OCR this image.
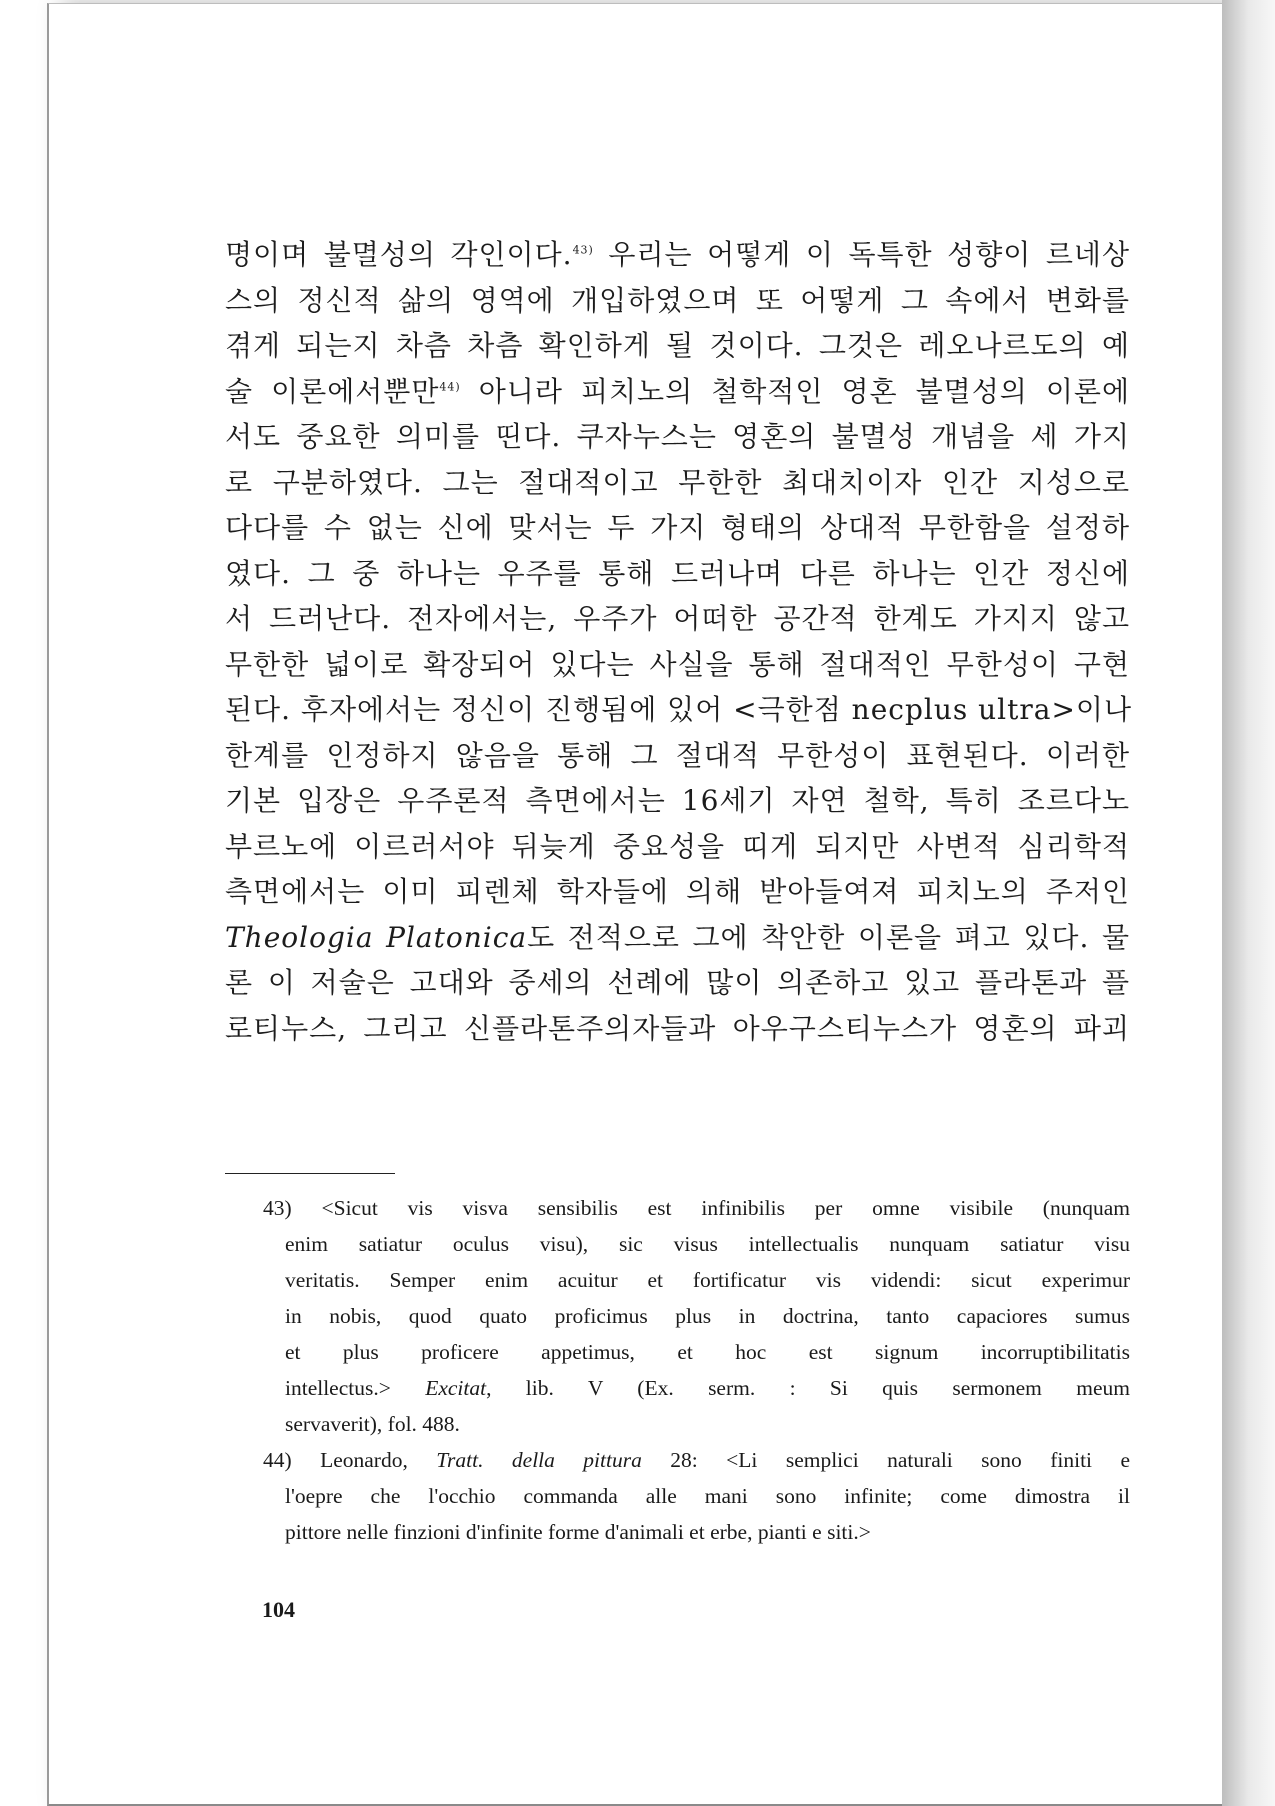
명이며 불멸성의 각인이다.$^{43)}$ 우리는 어떻게 이 독특한 성향이 르네상
스의 정신적 삶의 영역에 개입하였으며 또 어떻게 그 속에서 변화를
겪게 되는지 차츰 차츰 확인하게 될 것이다. 그것은 레오나르도의 예
술 이론에서뿐만$^{44)}$ 아니라 피치노의 철학적인 영혼 불멸성의 이론에
서도 중요한 의미를 띤다. 쿠자누스는 영혼의 불멸성 개념을 세 가지
로 구분하였다. 그는 절대적이고 무한한 최대치이자 인간 지성으로
다다를 수 없는 신에 맞서는 두 가지 형태의 상대적 무한함을 설정하
였다. 그 중 하나는 우주를 통해 드러나며 다른 하나는 인간 정신에
서 드러난다. 전자에서는, 우주가 어떠한 공간적 한계도 가지지 않고
무한한 넓이로 확장되어 있다는 사실을 통해 절대적인 무한성이 구현
된다. 후자에서는 정신이 진행됨에 있어 <극한점 necplus ultra>이나
한계를 인정하지 않음을 통해 그 절대적 무한성이 표현된다. 이러한
기본 입장은 우주론적 측면에서는 16세기 자연 철학, 특히 조르다노
부르노에 이르러서야 뒤늦게 중요성을 띠게 되지만 사변적 심리학적
측면에서는 이미 피렌체 학자들에 의해 받아들여져 피치노의 주저인
Theologia Platonica도 전적으로 그에 착안한 이론을 펴고 있다. 물
론 이 저술은 고대와 중세의 선례에 많이 의존하고 있고 플라톤과 플
로티누스, 그리고 신플라톤주의자들과 아우구스티누스가 영혼의 파괴
43) <Sicut vis visva sensibilis est infinibilis per omne visibile (nunquam
enim satiatur oculus visu), sic visus intellectualis nunquam satiatur visu
veritatis. Semper enim acuitur et fortificatur vis videndi: sicut experimur
in nobis, quod quato proficimus plus in doctrina, tanto capaciores sumus
et plus proficere appetimus, et hoc est signum incorruptibilitatis
intellectus.> Excitat, lib. V (Ex. serm. : Si quis sermonem meum
servaverit), fol. 488.
44) Leonardo, Tratt. della pittura 28: <Li semplici naturali sono finiti e
l'oepre che l'occhio commanda alle mani sono infinite; come dimostra il
pittore nelle finzioni d'infinite forme d'animali et erbe, pianti e siti.>
104
